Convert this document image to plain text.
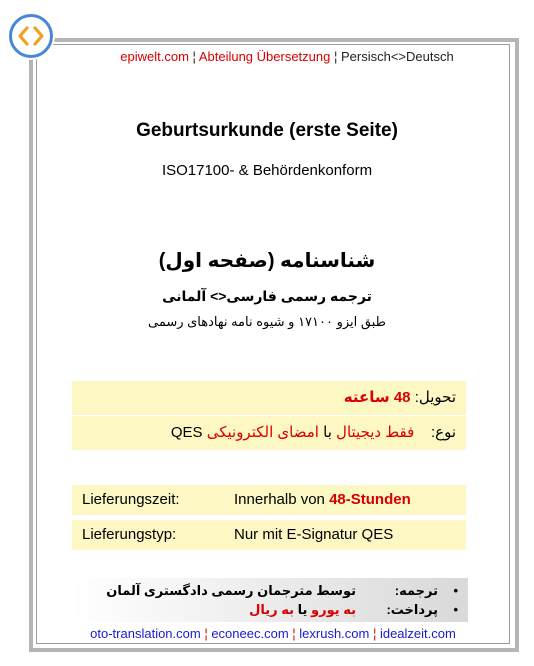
epiwelt.com ¦ Abteilung Übersetzung ¦ Persisch<>Deutsch
Geburtsurkunde (erste Seite)
ISO17100- & Behördenkonform
شناسنامه (صفحه اول)
ترجمه رسمی فارسی<> آلمانی
طبق ایزو ۱۷۱۰۰ و شیوه نامه نهادهای رسمی
تحویل: 48 ساعته
نوع:    فقط دیجیتال با امضای الکترونیکی QES
Lieferungszeit:	Innerhalb von 48-Stunden
Lieferungstyp:	Nur mit E-Signatur QES
•
ترجمه:
توسط مترجمان رسمی دادگستری آلمان
•
پرداخت:
به یورو یا به ریال
oto-translation.com ¦ econeec.com ¦ lexrush.com ¦ idealzeit.com
